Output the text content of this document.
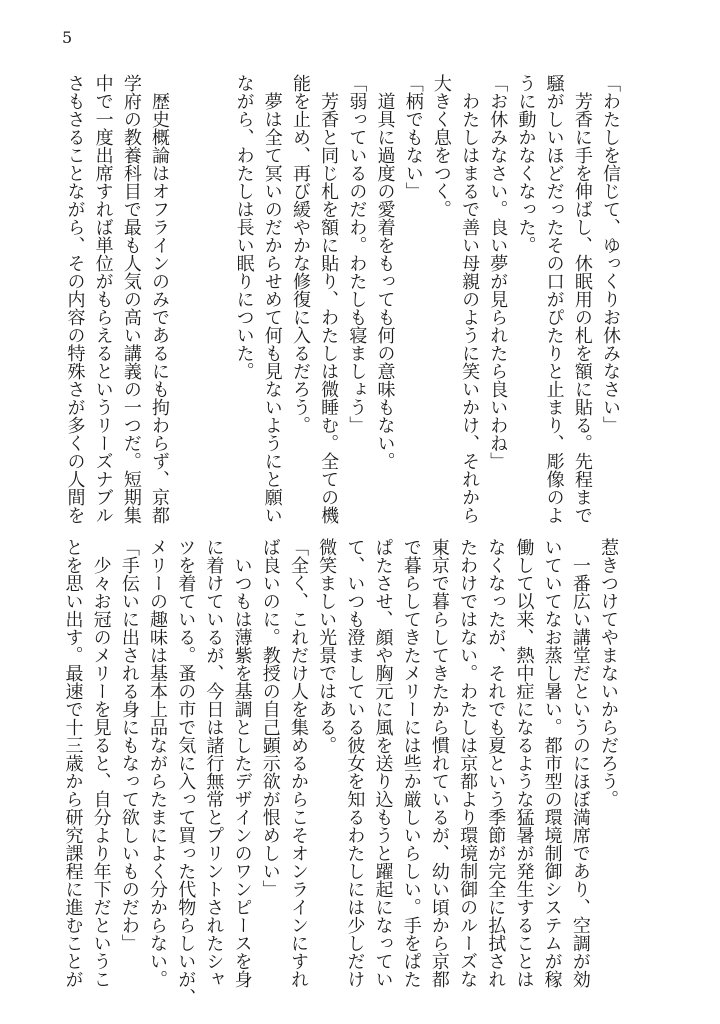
5
「わたしを信じて、ゆっくりお休みなさい」
　芳香に手を伸ばし、休眠用の札を額に貼る。先程まで
騒がしいほどだったその口がぴたりと止まり、彫像のよ
うに動かなくなった。
「お休みなさい。良い夢が見られたら良いわね」
　わたしはまるで善い母親のように笑いかけ、それから
大きく息をつく。
「柄でもない」
　道具に過度の愛着をもっても何の意味もない。
「弱っているのだわ。わたしも寝ましょう」
　芳香と同じ札を額に貼り、わたしは微睡む。全ての機
能を止め、再び緩やかな修復に入るだろう。
　夢は全て冥いのだからせめて何も見ないようにと願い
ながら、わたしは長い眠りについた。
　歴史概論はオフラインのみであるにも拘わらず、京都
学府の教養科目で最も人気の高い講義の一つだ。短期集
中で一度出席すれば単位がもらえるというリーズナブル
さもさることながら、その内容の特殊さが多くの人間を
惹きつけてやまないからだろう。
　一番広い講堂だというのにほぼ満席であり、空調が効
いていてなお蒸し暑い。都市型の環境制御システムが稼
働して以来、熱中症になるような猛暑が発生することは
なくなったが、それでも夏という季節が完全に払拭され
たわけではない。わたしは京都より環境制御のルーズな
東京で暮らしてきたから慣れているが、幼い頃から京都
で暮らしてきたメリーには些か厳しいらしい。手をぱた
ぱたさせ、顔や胸元に風を送り込もうと躍起になってい
て、いつも澄ましている彼女を知るわたしには少しだけ
微笑ましい光景ではある。
「全く、これだけ人を集めるからこそオンラインにすれ
ば良いのに。教授の自己顕示欲が恨めしい」
　いつもは薄紫を基調としたデザインのワンピースを身
に着けているが、今日は諸行無常とプリントされたシャ
ツを着ている。蚤の市で気に入って買った代物らしいが、
メリーの趣味は基本上品ながらたまによく分からない。
「手伝いに出される身にもなって欲しいものだわ」
　少々お冠のメリーを見ると、自分より年下だというこ
とを思い出す。最速で十三歳から研究課程に進むことが
